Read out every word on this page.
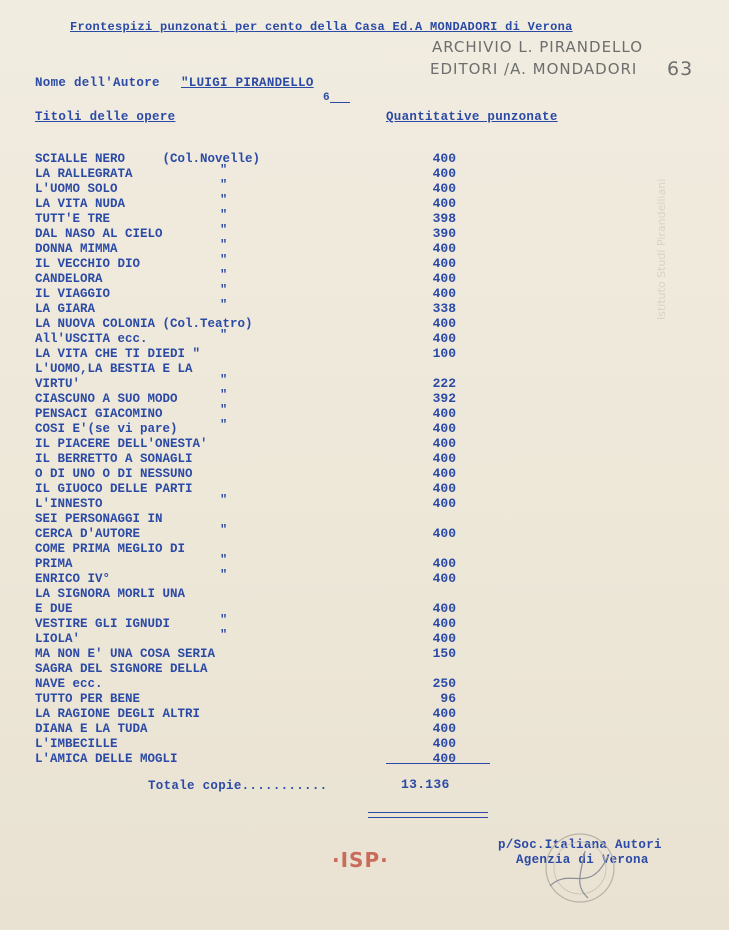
Frontespizi punzonati per cento della Casa Ed.A MONDADORI di Verona
ARCHIVIO L. PIRANDELLO
EDITORI /A. MONDADORI 63
Nome dell'Autore "LUIGI PIRANDELLO
6
Titoli delle opere	Quantitative punzonate
SCIALLE NERO     (Col.Novelle)	400
LA RALLEGRATA	"	400
L'UOMO SOLO	"	400
LA VITA NUDA	"	400
TUTT'E TRE	"	398
DAL NASO AL CIELO	"	390
DONNA MIMMA	"	400
IL VECCHIO DIO	"	400
CANDELORA	"	400
IL VIAGGIO	"	400
LA GIARA	"	338
LA NUOVA COLONIA (Col.Teatro)	400
All'USCITA ecc.	"	400
LA VITA CHE TI DIEDI "	100
L'UOMO,LA BESTIA E LA
VIRTU'	"	222
CIASCUNO A SUO MODO	"	392
PENSACI GIACOMINO	"	400
COSI E'(se vi pare)	"	400
IL PIACERE DELL'ONESTA'	400
IL BERRETTO A SONAGLI	400
O DI UNO O DI NESSUNO	400
IL GIUOCO DELLE PARTI	400
L'INNESTO	"	400
SEI PERSONAGGI IN
CERCA D'AUTORE	"	400
COME PRIMA MEGLIO DI
PRIMA	"	400
ENRICO IV°	"	400
LA SIGNORA MORLI UNA
E DUE	400
VESTIRE GLI IGNUDI	"	400
LIOLA'	"	400
MA NON E' UNA COSA SERIA	150
SAGRA DEL SIGNORE DELLA
NAVE ecc.	250
TUTTO PER BENE	96
LA RAGIONE DEGLI ALTRI	400
DIANA E LA TUDA	400
L'IMBECILLE	400
L'AMICA DELLE MOGLI	400
Totale copie...........	13.136
p/Soc.Italiana Autori
Agenzia di Verona
·ISP·
Istituto Studi Pirandelliani
